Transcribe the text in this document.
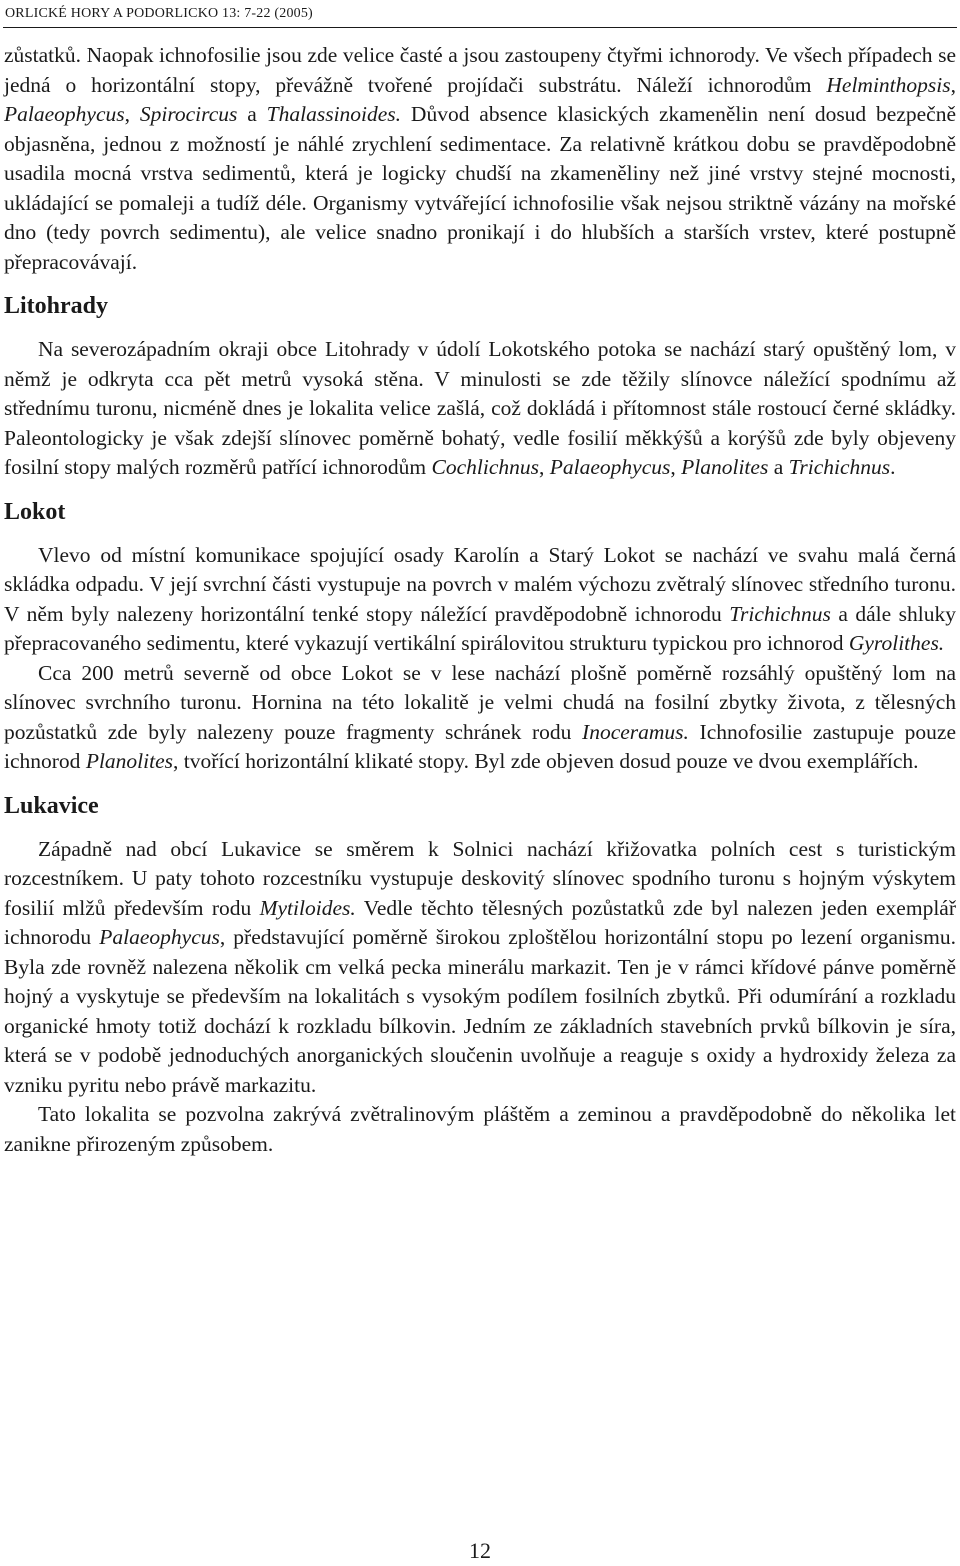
ORLICKÉ HORY A PODORLICKO 13: 7-22 (2005)

zůstatků. Naopak ichnofosilie jsou zde velice časté a jsou zastoupeny čtyřmi ichnorody. Ve všech případech se jedná o horizontální stopy, převážně tvořené projídači substrátu. Náleží ichnorodům Helminthopsis, Palaeophycus, Spirocircus a Thalassinoides. Důvod absence klasických zkamenělin není dosud bezpečně objasněna, jednou z možností je náhlé zrychlení sedimentace. Za relativně krátkou dobu se pravděpodobně usadila mocná vrstva sedimentů, která je logicky chudší na zkameněliny než jiné vrstvy stejné mocnosti, ukládající se pomaleji a tudíž déle. Organismy vytvářející ichnofosilie však nejsou striktně vázány na mořské dno (tedy povrch sedimentu), ale velice snadno pronikají i do hlubších a starších vrstev, které postupně přepracovávají.

Litohrady

Na severozápadním okraji obce Litohrady v údolí Lokotského potoka se nachází starý opuštěný lom, v němž je odkryta cca pět metrů vysoká stěna. V minulosti se zde těžily slínovce náležící spodnímu až střednímu turonu, nicméně dnes je lokalita velice zašlá, což dokládá i přítomnost stále rostoucí černé skládky. Paleontologicky je však zdejší slínovec poměrně bohatý, vedle fosilií měkkýšů a korýšů zde byly objeveny fosilní stopy malých rozměrů patřící ichnorodům Cochlichnus, Palaeophycus, Planolites a Trichichnus.

Lokot

Vlevo od místní komunikace spojující osady Karolín a Starý Lokot se nachází ve svahu malá černá skládka odpadu. V její svrchní části vystupuje na povrch v malém výchozu zvětralý slínovec středního turonu. V něm byly nalezeny horizontální tenké stopy náležící pravděpodobně ichnorodu Trichichnus a dále shluky přepracovaného sedimentu, které vykazují vertikální spirálovitou strukturu typickou pro ichnorod Gyrolithes.

Cca 200 metrů severně od obce Lokot se v lese nachází plošně poměrně rozsáhlý opuštěný lom na slínovec svrchního turonu. Hornina na této lokalitě je velmi chudá na fosilní zbytky života, z tělesných pozůstatků zde byly nalezeny pouze fragmenty schránek rodu Inoceramus. Ichnofosilie zastupuje pouze ichnorod Planolites, tvořící horizontální klikaté stopy. Byl zde objeven dosud pouze ve dvou exemplářích.

Lukavice

Západně nad obcí Lukavice se směrem k Solnici nachází křižovatka polních cest s turistickým rozcestníkem. U paty tohoto rozcestníku vystupuje deskovitý slínovec spodního turonu s hojným výskytem fosilií mlžů především rodu Mytiloides. Vedle těchto tělesných pozůstatků zde byl nalezen jeden exemplář ichnorodu Palaeophycus, představující poměrně širokou zploštělou horizontální stopu po lezení organismu. Byla zde rovněž nalezena několik cm velká pecka minerálu markazit. Ten je v rámci křídové pánve poměrně hojný a vyskytuje se především na lokalitách s vysokým podílem fosilních zbytků. Při odumírání a rozkladu organické hmoty totiž dochází k rozkladu bílkovin. Jedním ze základních stavebních prvků bílkovin je síra, která se v podobě jednoduchých anorganických sloučenin uvolňuje a reaguje s oxidy a hydroxidy železa za vzniku pyritu nebo právě markazitu.

Tato lokalita se pozvolna zakrývá zvětralinovým pláštěm a zeminou a pravděpodobně do několika let zanikne přirozeným způsobem.

12
